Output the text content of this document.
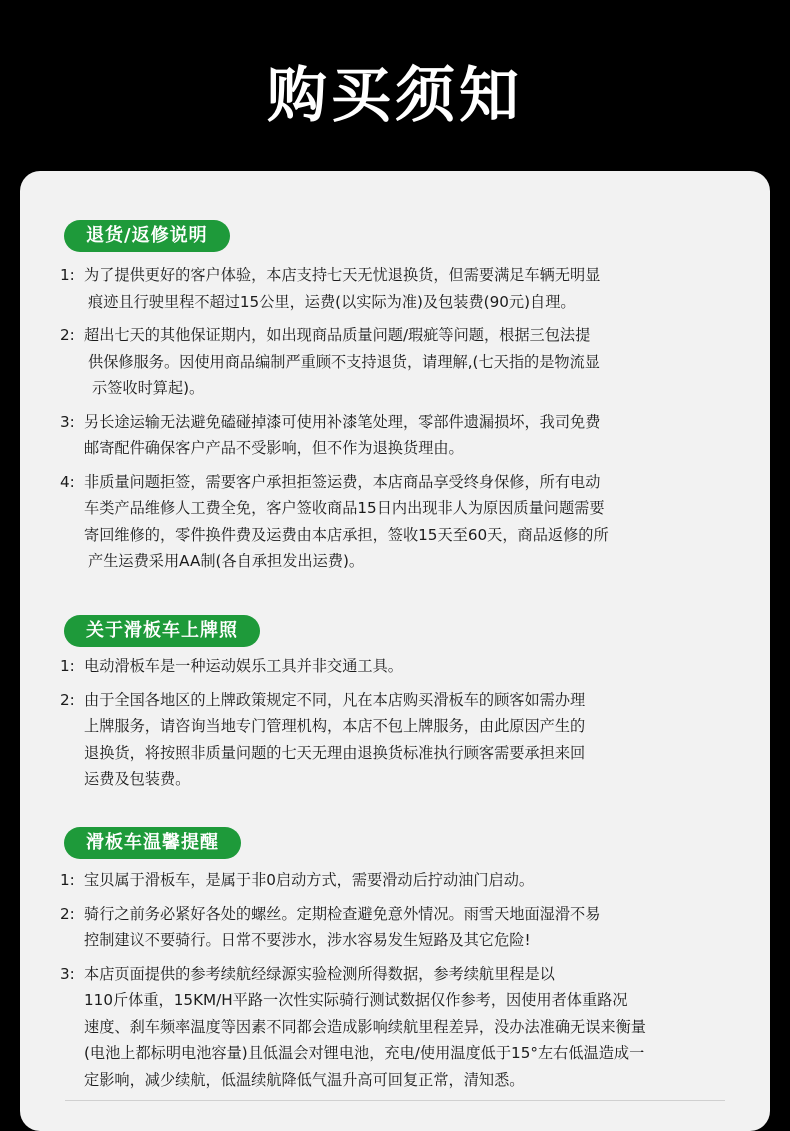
购买须知
退货/返修说明
1: 为了提供更好的客户体验，本店支持七天无忧退换货，但需要满足车辆无明显
痕迹且行驶里程不超过15公里，运费(以实际为准)及包装费(90元)自理。
2: 超出七天的其他保证期内，如出现商品质量问题/瑕疵等问题，根据三包法提
供保修服务。因使用商品编制严重顾不支持退货，请理解,(七天指的是物流显
示签收时算起)。
3: 另长途运输无法避免磕碰掉漆可使用补漆笔处理，零部件遗漏损坏，我司免费
邮寄配件确保客户产品不受影响，但不作为退换货理由。
4: 非质量问题拒签，需要客户承担拒签运费，本店商品享受终身保修，所有电动
车类产品维修人工费全免，客户签收商品15日内出现非人为原因质量问题需要
寄回维修的，零件换件费及运费由本店承担，签收15天至60天，商品返修的所
产生运费采用AA制(各自承担发出运费)。
关于滑板车上牌照
1: 电动滑板车是一种运动娱乐工具并非交通工具。
2: 由于全国各地区的上牌政策规定不同，凡在本店购买滑板车的顾客如需办理
上牌服务，请咨询当地专门管理机构，本店不包上牌服务，由此原因产生的
退换货，将按照非质量问题的七天无理由退换货标准执行顾客需要承担来回
运费及包装费。
滑板车温馨提醒
1: 宝贝属于滑板车，是属于非0启动方式，需要滑动后拧动油门启动。
2: 骑行之前务必紧好各处的螺丝。定期检查避免意外情况。雨雪天地面湿滑不易
控制建议不要骑行。日常不要涉水，涉水容易发生短路及其它危险!
3: 本店页面提供的参考续航经绿源实验检测所得数据，参考续航里程是以
110斤体重，15KM/H平路一次性实际骑行测试数据仅作参考，因使用者体重路况
速度、刹车频率温度等因素不同都会造成影响续航里程差异，没办法准确无误来衡量
(电池上都标明电池容量)且低温会对锂电池，充电/使用温度低于15°左右低温造成一
定影响，减少续航，低温续航降低气温升高可回复正常，清知悉。
